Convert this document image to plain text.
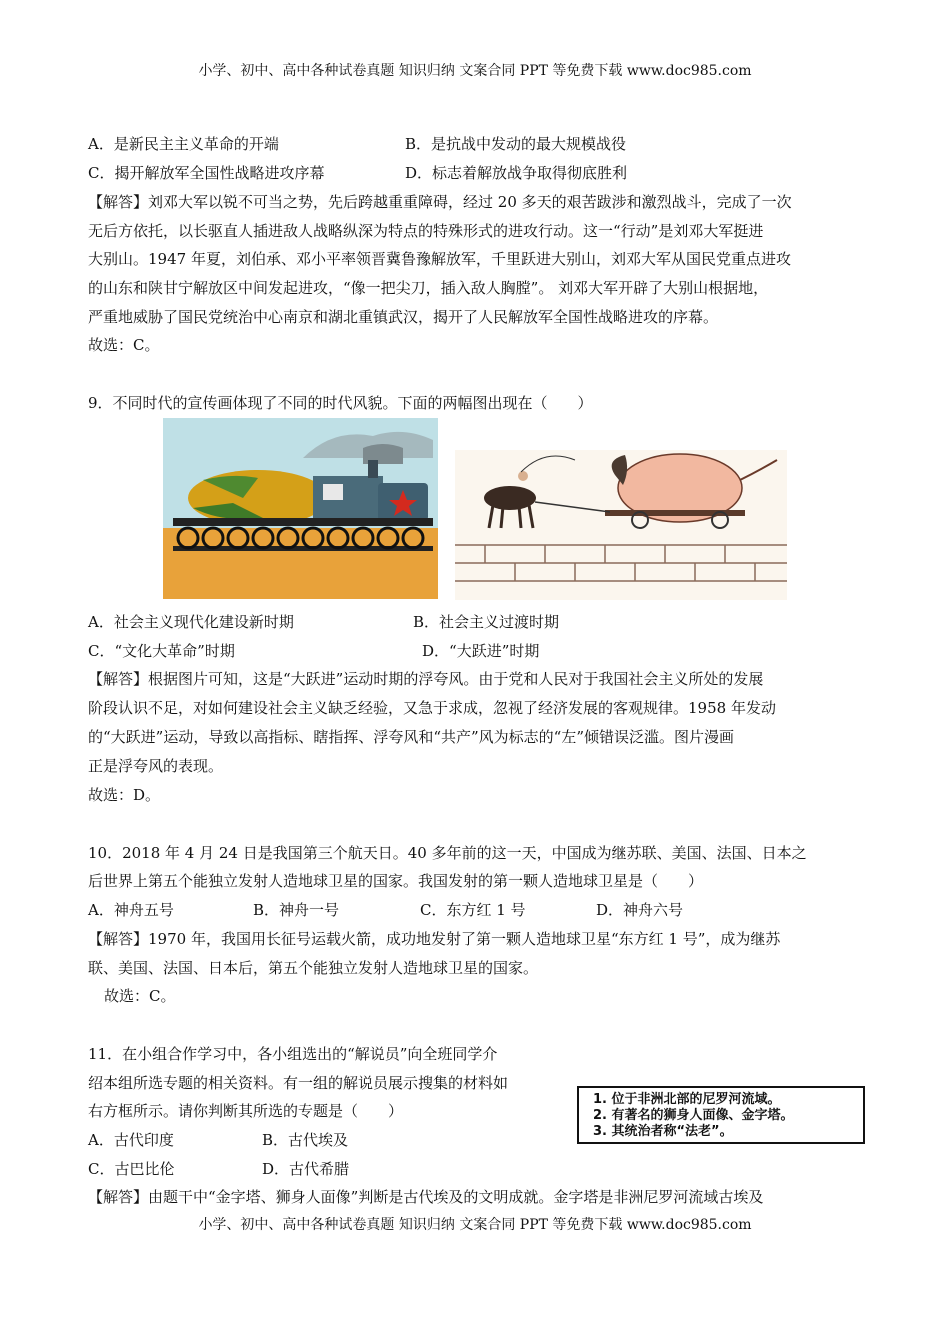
小学、初中、高中各种试卷真题 知识归纳 文案合同 PPT 等免费下载 www.doc985.com
A．是新民主主义革命的开端	B．是抗战中发动的最大规模战役
C．揭开解放军全国性战略进攻序幕	D．标志着解放战争取得彻底胜利
【解答】刘邓大军以锐不可当之势，先后跨越重重障碍，经过 20 多天的艰苦跋涉和激烈战斗，完成了一次
无后方依托，以长驱直人插进敌人战略纵深为特点的特殊形式的进攻行动。这一“行动”是刘邓大军挺进
大别山。1947 年夏，刘伯承、邓小平率领晋冀鲁豫解放军，千里跃进大别山，刘邓大军从国民党重点进攻
的山东和陕甘宁解放区中间发起进攻，“像一把尖刀，插入敌人胸膛”。 刘邓大军开辟了大别山根据地，
严重地威胁了国民党统治中心南京和湖北重镇武汉，揭开了人民解放军全国性战略进攻的序幕。
故选：C。
9．不同时代的宣传画体现了不同的时代风貌。下面的两幅图出现在（　　）
A．社会主义现代化建设新时期	B．社会主义过渡时期
C．“文化大革命”时期	D．“大跃进”时期
【解答】根据图片可知，这是“大跃进”运动时期的浮夸风。由于党和人民对于我国社会主义所处的发展
阶段认识不足，对如何建设社会主义缺乏经验，又急于求成，忽视了经济发展的客观规律。1958 年发动
的“大跃进”运动，导致以高指标、瞎指挥、浮夸风和“共产”风为标志的“左”倾错误泛滥。图片漫画
正是浮夸风的表现。
故选：D。
10．2018 年 4 月 24 日是我国第三个航天日。40 多年前的这一天，中国成为继苏联、美国、法国、日本之
后世界上第五个能独立发射人造地球卫星的国家。我国发射的第一颗人造地球卫星是（　　）
A．神舟五号	B．神舟一号	C．东方红 1 号	D．神舟六号
【解答】1970 年，我国用长征号运载火箭，成功地发射了第一颗人造地球卫星“东方红 1 号”，成为继苏
联、美国、法国、日本后，第五个能独立发射人造地球卫星的国家。
故选：C。
11．在小组合作学习中，各小组选出的“解说员”向全班同学介
绍本组所选专题的相关资料。有一组的解说员展示搜集的材料如
右方框所示。请你判断其所选的专题是（　　）
1. 位于非洲北部的尼罗河流域。
2. 有著名的狮身人面像、金字塔。
3. 其统治者称“法老”。
A．古代印度	B．古代埃及
C．古巴比伦	D．古代希腊
【解答】由题干中“金字塔、狮身人面像”判断是古代埃及的文明成就。金字塔是非洲尼罗河流域古埃及
小学、初中、高中各种试卷真题 知识归纳 文案合同 PPT 等免费下载 www.doc985.com
